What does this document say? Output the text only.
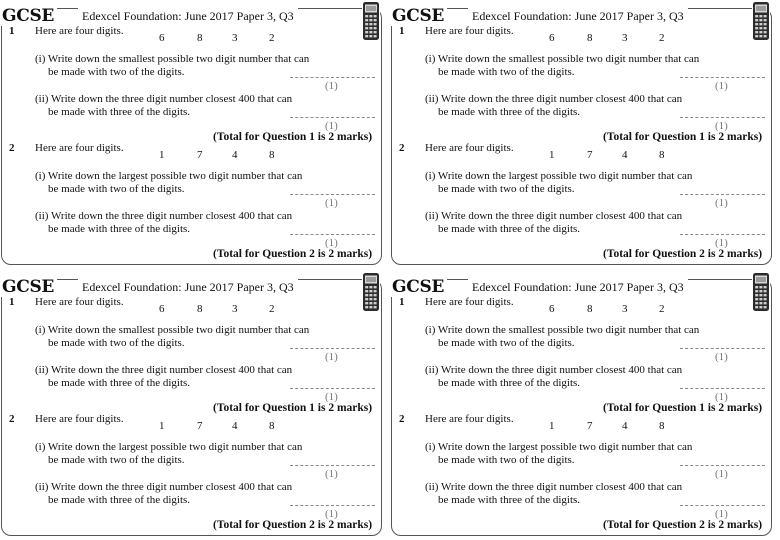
GCSE	Edexcel Foundation: June 2017 Paper 3, Q3
1 Here are four digits.
6	8	3	2
(i) Write down the smallest possible two digit number that can
be made with two of the digits.
(1)
(ii) Write down the three digit number closest 400 that can
be made with three of the digits.
(1)
(Total for Question 1 is 2 marks)
2 Here are four digits.
1	7	4	8
(i) Write down the largest possible two digit number that can
be made with two of the digits.
(1)
(ii) Write down the three digit number closest 400 that can
be made with three of the digits.
(1)
(Total for Question 2 is 2 marks)
GCSE	Edexcel Foundation: June 2017 Paper 3, Q3
1 Here are four digits.
6	8	3	2
(i) Write down the smallest possible two digit number that can
be made with two of the digits.
(1)
(ii) Write down the three digit number closest 400 that can
be made with three of the digits.
(1)
(Total for Question 1 is 2 marks)
2 Here are four digits.
1	7	4	8
(i) Write down the largest possible two digit number that can
be made with two of the digits.
(1)
(ii) Write down the three digit number closest 400 that can
be made with three of the digits.
(1)
(Total for Question 2 is 2 marks)
GCSE	Edexcel Foundation: June 2017 Paper 3, Q3
1 Here are four digits.
6	8	3	2
(i) Write down the smallest possible two digit number that can
be made with two of the digits.
(1)
(ii) Write down the three digit number closest 400 that can
be made with three of the digits.
(1)
(Total for Question 1 is 2 marks)
2 Here are four digits.
1	7	4	8
(i) Write down the largest possible two digit number that can
be made with two of the digits.
(1)
(ii) Write down the three digit number closest 400 that can
be made with three of the digits.
(1)
(Total for Question 2 is 2 marks)
GCSE	Edexcel Foundation: June 2017 Paper 3, Q3
1 Here are four digits.
6	8	3	2
(i) Write down the smallest possible two digit number that can
be made with two of the digits.
(1)
(ii) Write down the three digit number closest 400 that can
be made with three of the digits.
(1)
(Total for Question 1 is 2 marks)
2 Here are four digits.
1	7	4	8
(i) Write down the largest possible two digit number that can
be made with two of the digits.
(1)
(ii) Write down the three digit number closest 400 that can
be made with three of the digits.
(1)
(Total for Question 2 is 2 marks)
